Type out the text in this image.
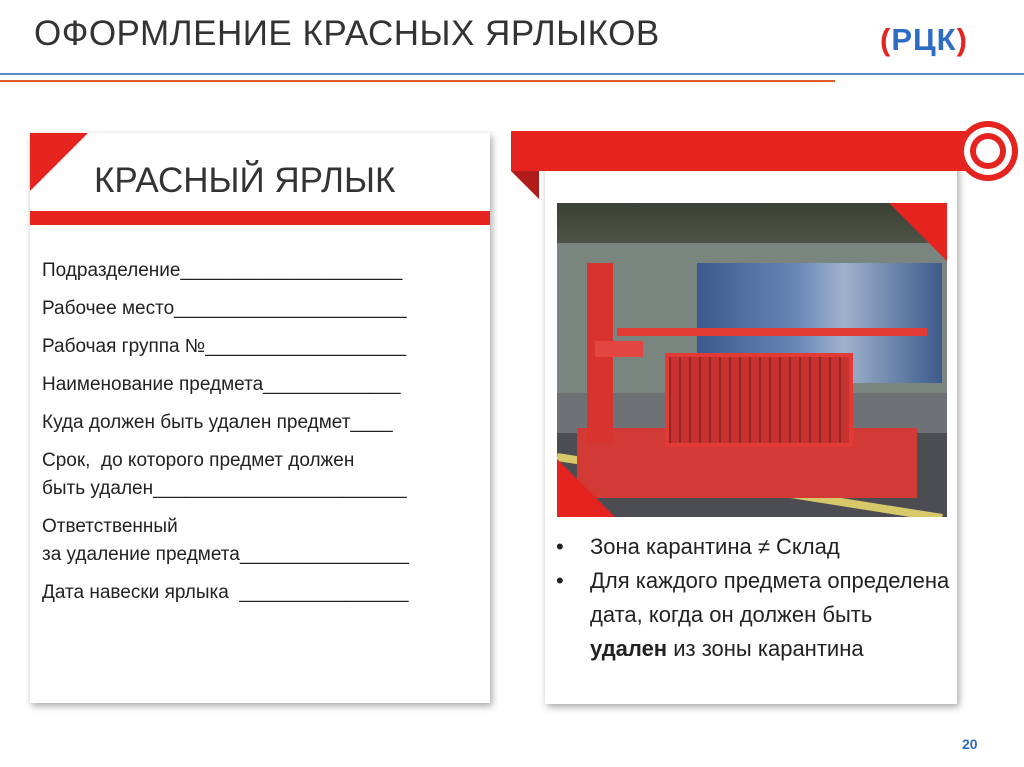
ОФОРМЛЕНИЕ КРАСНЫХ ЯРЛЫКОВ	(РЦК)
КРАСНЫЙ ЯРЛЫК
Подразделение_____________________
Рабочее место______________________
Рабочая группа №___________________
Наименование предмета_____________
Куда должен быть удален предмет____
Срок,  до которого предмет должен
быть удален________________________
Ответственный
за удаление предмета________________
Дата навески ярлыка  ________________
• Зона карантина ≠ Склад
• Для каждого предмета определена дата, когда он должен быть удален из зоны карантина
20
